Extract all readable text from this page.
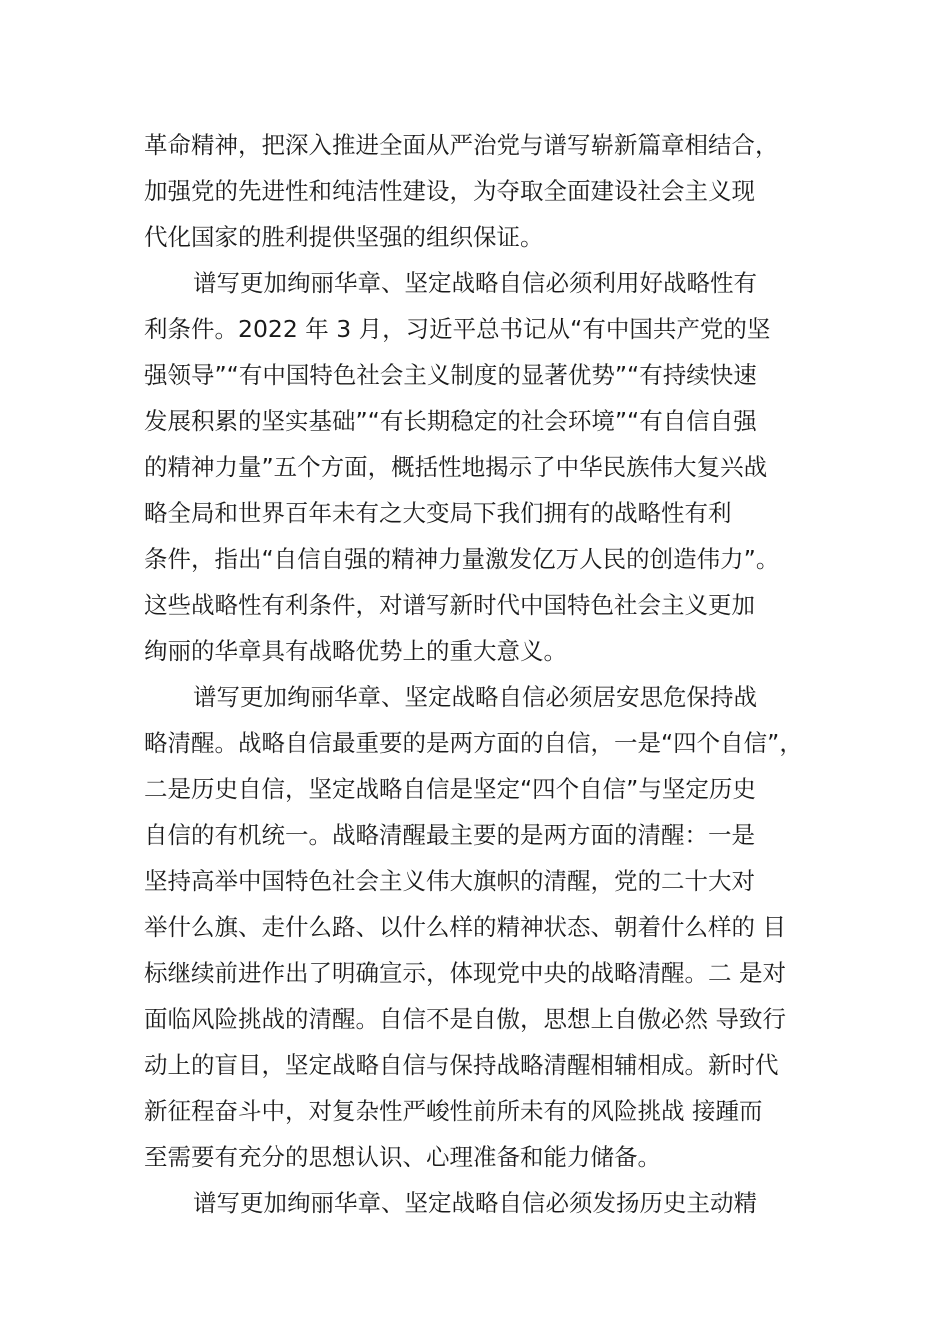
革命精神，把深入推进全面从严治党与谱写崭新篇章相结合，
加强党的先进性和纯洁性建设，为夺取全面建设社会主义现
代化国家的胜利提供坚强的组织保证。
谱写更加绚丽华章、坚定战略自信必须利用好战略性有
利条件。2022 年 3 月，习近平总书记从“有中国共产党的坚
强领导”“有中国特色社会主义制度的显著优势”“有持续快速
发展积累的坚实基础”“有长期稳定的社会环境”“有自信自强
的精神力量”五个方面，概括性地揭示了中华民族伟大复兴战
略全局和世界百年未有之大变局下我们拥有的战略性有利
条件，指出“自信自强的精神力量激发亿万人民的创造伟力”。
这些战略性有利条件，对谱写新时代中国特色社会主义更加
绚丽的华章具有战略优势上的重大意义。
谱写更加绚丽华章、坚定战略自信必须居安思危保持战
略清醒。战略自信最重要的是两方面的自信，一是“四个自信”，
二是历史自信，坚定战略自信是坚定“四个自信”与坚定历史
自信的有机统一。战略清醒最主要的是两方面的清醒：一是
坚持高举中国特色社会主义伟大旗帜的清醒，党的二十大对
举什么旗、走什么路、以什么样的精神状态、朝着什么样的 目
标继续前进作出了明确宣示，体现党中央的战略清醒。二 是对
面临风险挑战的清醒。自信不是自傲，思想上自傲必然 导致行
动上的盲目，坚定战略自信与保持战略清醒相辅相成。新时代
新征程奋斗中，对复杂性严峻性前所未有的风险挑战 接踵而
至需要有充分的思想认识、心理准备和能力储备。
谱写更加绚丽华章、坚定战略自信必须发扬历史主动精
